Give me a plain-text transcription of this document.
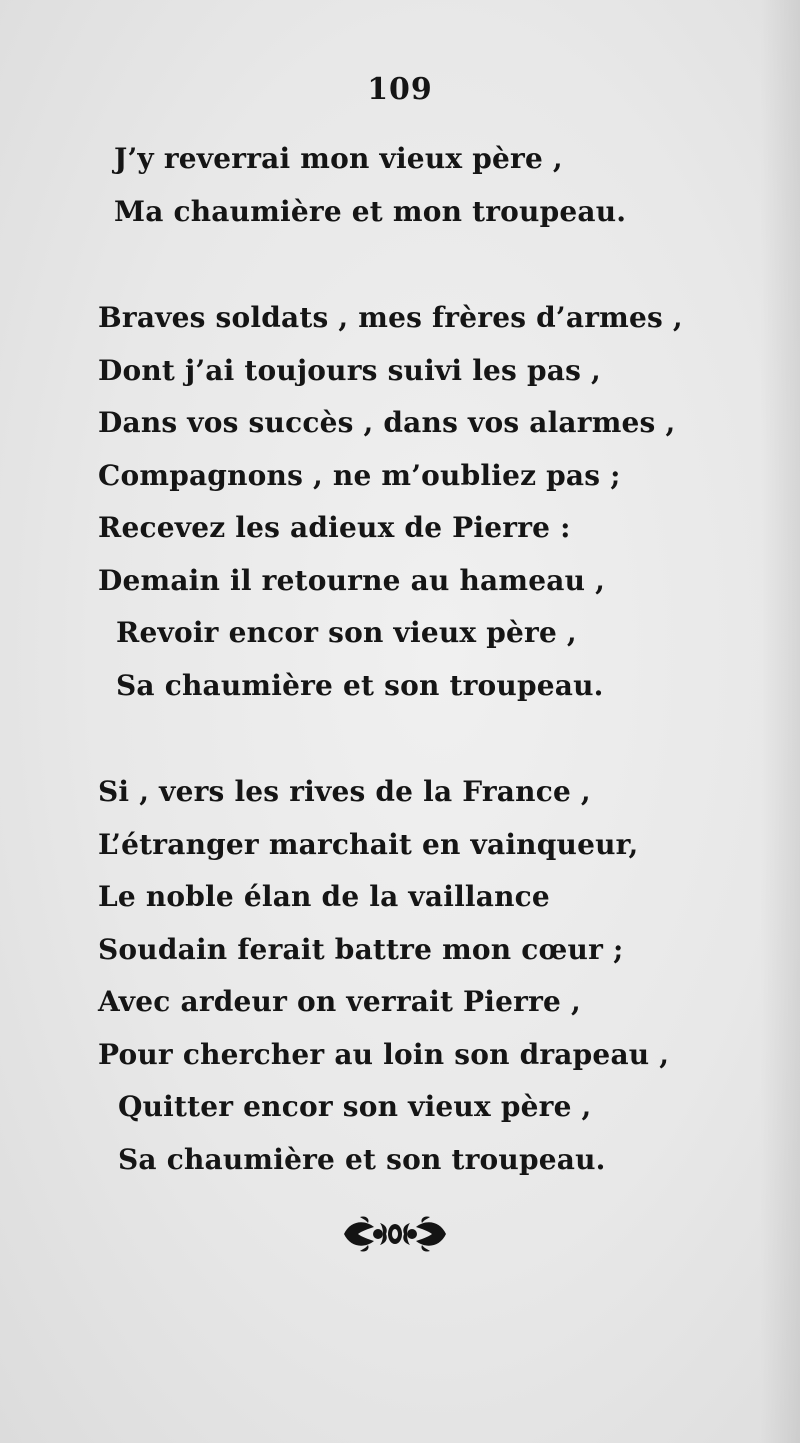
109
J’y reverrai mon vieux père ,
Ma chaumière et mon troupeau.
Braves soldats , mes frères d’armes ,
Dont j’ai toujours suivi les pas ,
Dans vos succès , dans vos alarmes ,
Compagnons , ne m’oubliez pas ;
Recevez les adieux de Pierre :
Demain il retourne au hameau ,
Revoir encor son vieux père ,
Sa chaumière et son troupeau.
Si , vers les rives de la France ,
L’étranger marchait en vainqueur,
Le noble élan de la vaillance
Soudain ferait battre mon cœur ;
Avec ardeur on verrait Pierre ,
Pour chercher au loin son drapeau ,
Quitter encor son vieux père ,
Sa chaumière et son troupeau.
